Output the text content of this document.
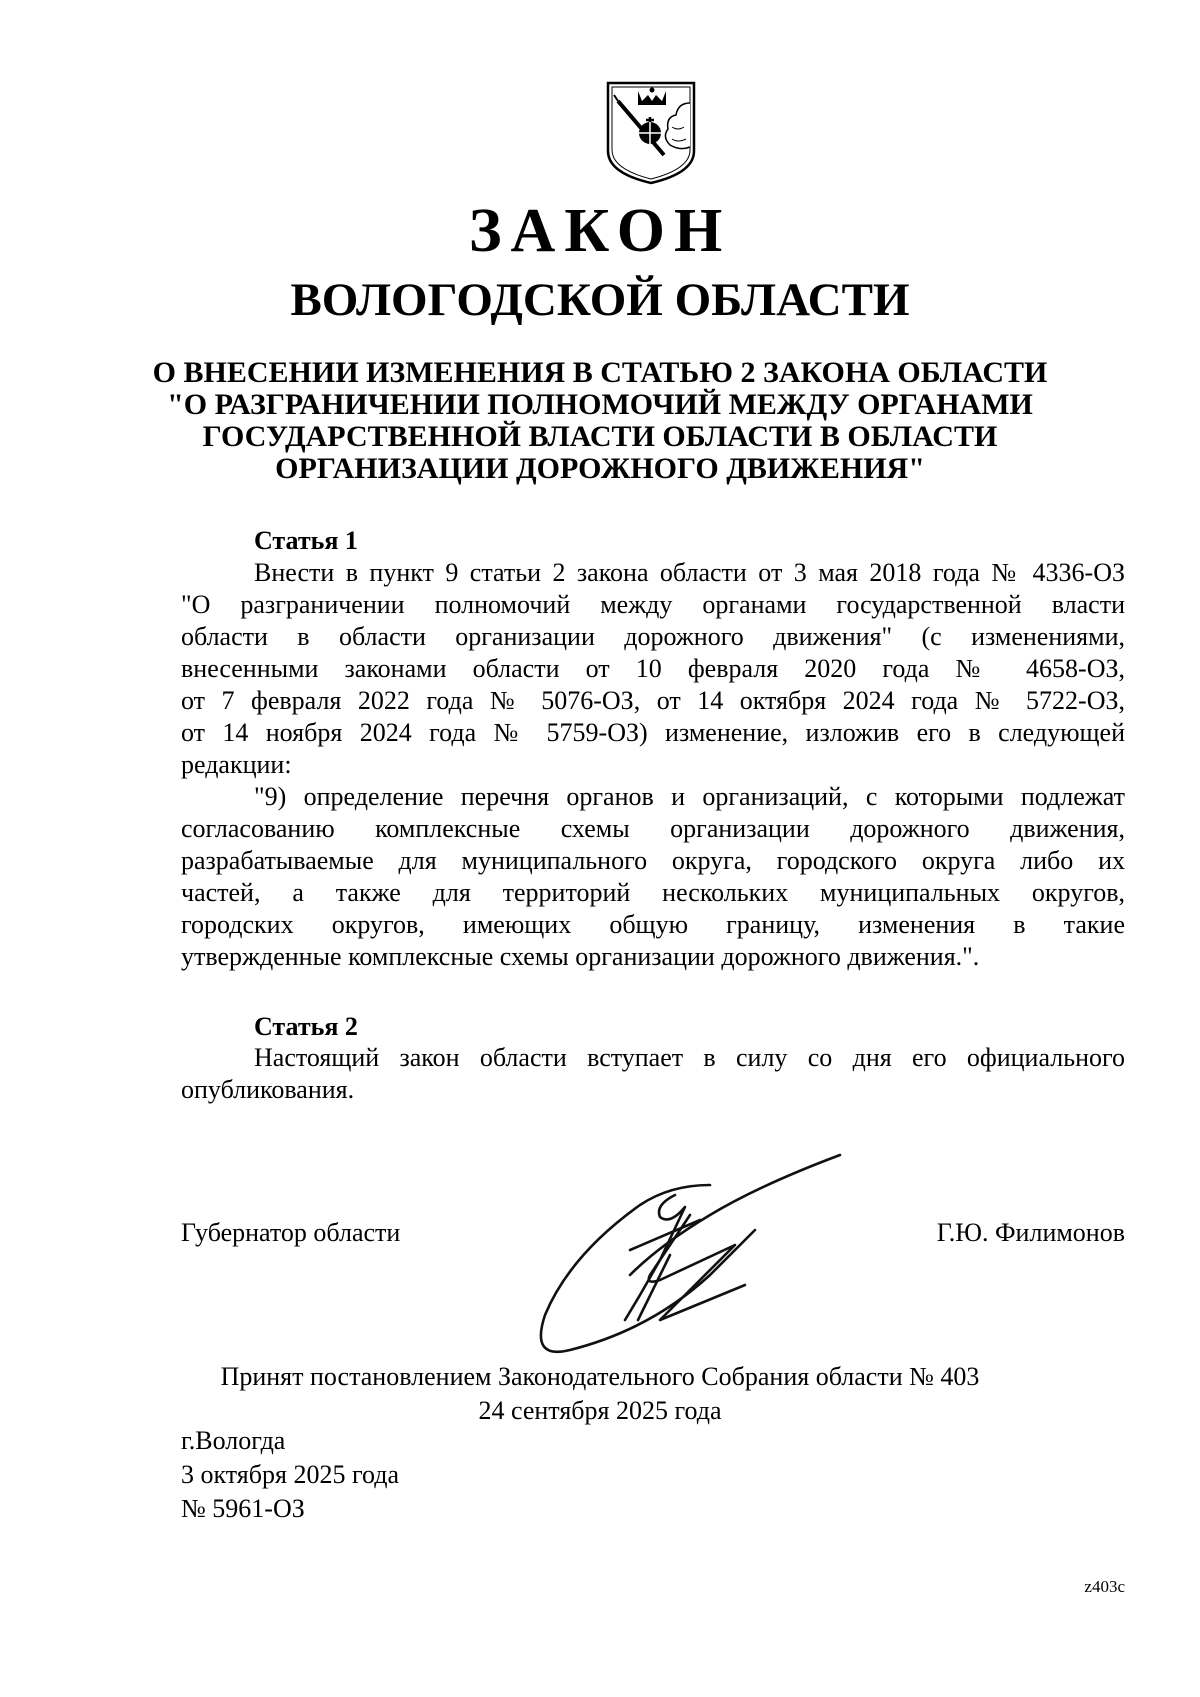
ЗАКОН
ВОЛОГОДСКОЙ ОБЛАСТИ
О ВНЕСЕНИИ ИЗМЕНЕНИЯ В СТАТЬЮ 2 ЗАКОНА ОБЛАСТИ
"О РАЗГРАНИЧЕНИИ ПОЛНОМОЧИЙ МЕЖДУ ОРГАНАМИ
ГОСУДАРСТВЕННОЙ ВЛАСТИ ОБЛАСТИ В ОБЛАСТИ
ОРГАНИЗАЦИИ ДОРОЖНОГО ДВИЖЕНИЯ"
Статья 1
Внести в пункт 9 статьи 2 закона области от 3 мая 2018 года № 4336-ОЗ
"О разграничении полномочий между органами государственной власти
области в области организации дорожного движения" (с изменениями,
внесенными законами области от 10 февраля 2020 года № 4658-ОЗ,
от 7 февраля 2022 года № 5076-ОЗ, от 14 октября 2024 года № 5722-ОЗ,
от 14 ноября 2024 года № 5759-ОЗ) изменение, изложив его в следующей
редакции:
"9) определение перечня органов и организаций, с которыми подлежат
согласованию комплексные схемы организации дорожного движения,
разрабатываемые для муниципального округа, городского округа либо их
частей, а также для территорий нескольких муниципальных округов,
городских округов, имеющих общую границу, изменения в такие
утвержденные комплексные схемы организации дорожного движения.".
Статья 2
Настоящий закон области вступает в силу со дня его официального
опубликования.
Губернатор области	Г.Ю. Филимонов
Принят постановлением Законодательного Собрания области № 403
24 сентября 2025 года
г.Вологда
3 октября 2025 года
№ 5961-ОЗ
z403c
